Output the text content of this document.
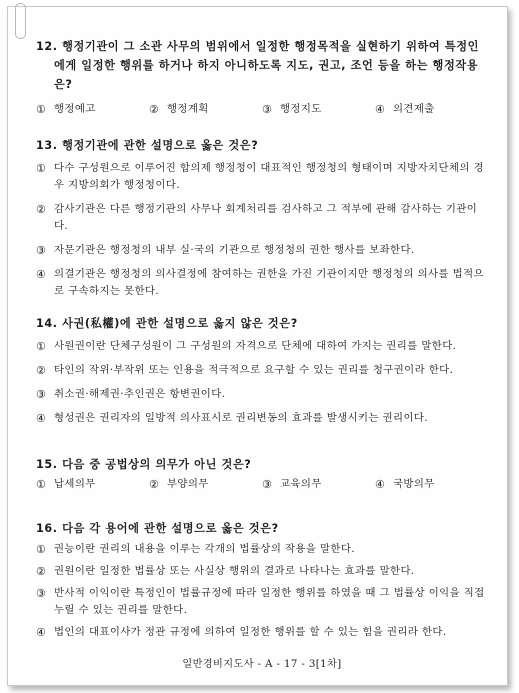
12. 행정기관이 그 소관 사무의 범위에서 일정한 행정목적을 실현하기 위하여 특정인에게 일정한 행위를 하거나 하지 아니하도록 지도, 권고, 조언 등을 하는 행정작용은?

① 행정예고	② 행정계획	③ 행정지도	④ 의견제출

13. 행정기관에 관한 설명으로 옳은 것은?

① 다수 구성원으로 이루어진 합의제 행정청이 대표적인 행정청의 형태이며 지방자치단체의 경우 지방의회가 행정청이다.

② 감사기관은 다른 행정기관의 사무나 회계처리를 검사하고 그 적부에 관해 감사하는 기관이다.

③ 자문기관은 행정청의 내부 실·국의 기관으로 행정청의 권한 행사를 보좌한다.

④ 의결기관은 행정청의 의사결정에 참여하는 권한을 가진 기관이지만 행정청의 의사를 법적으로 구속하지는 못한다.

14. 사권(私權)에 관한 설명으로 옳지 않은 것은?

① 사원권이란 단체구성원이 그 구성원의 자격으로 단체에 대하여 가지는 권리를 말한다.

② 타인의 작위·부작위 또는 인용을 적극적으로 요구할 수 있는 권리를 청구권이라 한다.

③ 취소권·해제권·추인권은 항변권이다.

④ 형성권은 권리자의 일방적 의사표시로 권리변동의 효과를 발생시키는 권리이다.

15. 다음 중 공법상의 의무가 아닌 것은?

① 납세의무	② 부양의무	③ 교육의무	④ 국방의무

16. 다음 각 용어에 관한 설명으로 옳은 것은?

① 권능이란 권리의 내용을 이루는 각개의 법률상의 작용을 말한다.

② 권원이란 일정한 법률상 또는 사실상 행위의 결과로 나타나는 효과를 말한다.

③ 반사적 이익이란 특정인이 법률규정에 따라 일정한 행위를 하였을 때 그 법률상 이익을 직접 누릴 수 있는 권리를 말한다.

④ 법인의 대표이사가 정관 규정에 의하여 일정한 행위를 할 수 있는 힘을 권리라 한다.

일반경비지도사 - A - 17 - 3[1차]
